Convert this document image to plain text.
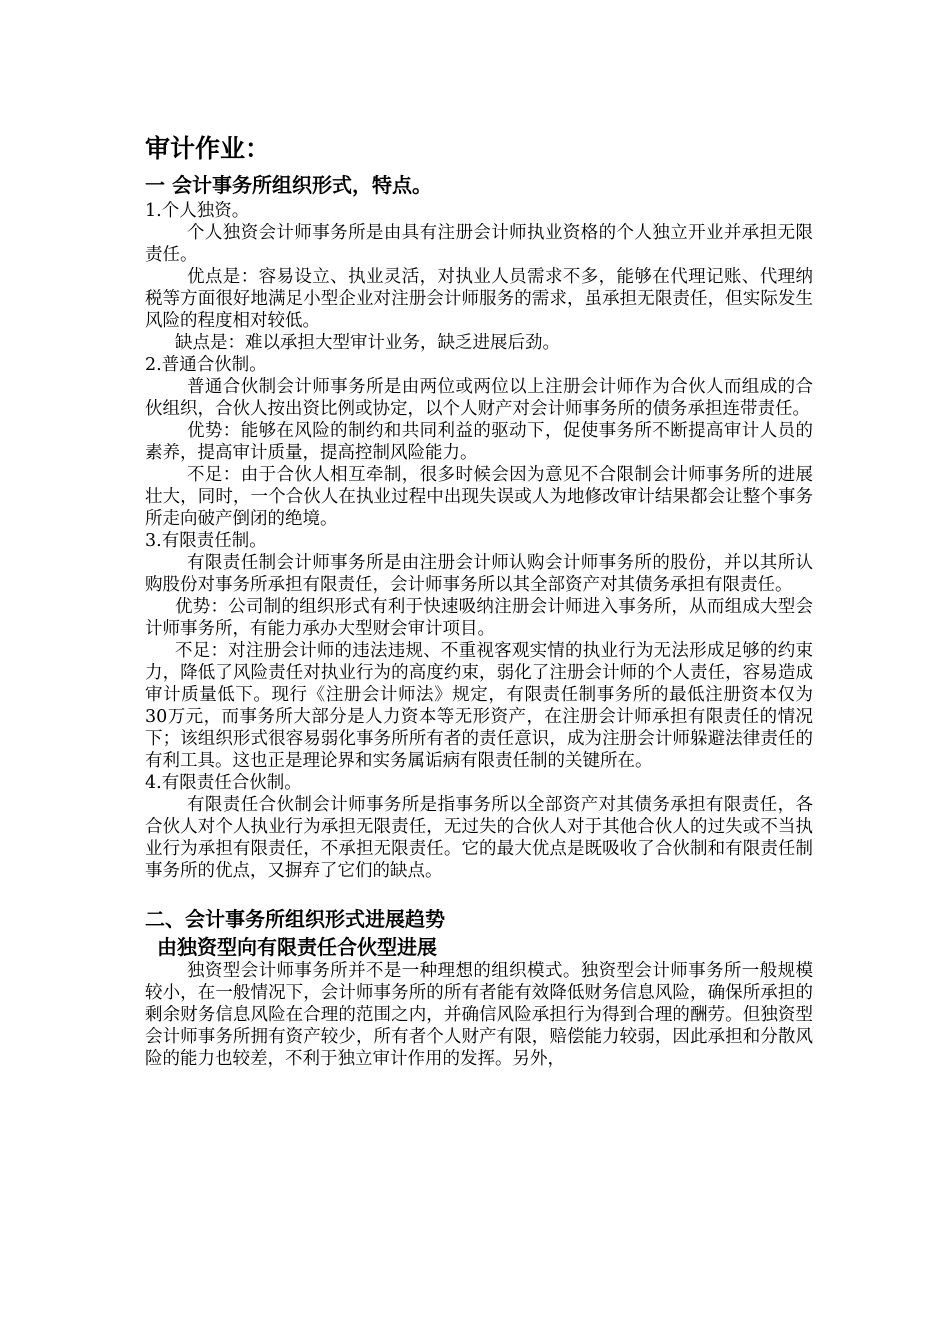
审计作业：
一 会计事务所组织形式，特点。

1.个人独资。

个人独资会计师事务所是由具有注册会计师执业资格的个人独立开业并承担无限责任。

优点是：容易设立、执业灵活，对执业人员需求不多，能够在代理记账、代理纳税等方面很好地满足小型企业对注册会计师服务的需求，虽承担无限责任，但实际发生风险的程度相对较低。

缺点是：难以承担大型审计业务，缺乏进展后劲。

2.普通合伙制。

普通合伙制会计师事务所是由两位或两位以上注册会计师作为合伙人而组成的合伙组织，合伙人按出资比例或协定，以个人财产对会计师事务所的债务承担连带责任。

优势：能够在风险的制约和共同利益的驱动下，促使事务所不断提高审计人员的素养，提高审计质量，提高控制风险能力。

不足：由于合伙人相互牵制，很多时候会因为意见不合限制会计师事务所的进展壮大，同时，一个合伙人在执业过程中出现失误或人为地修改审计结果都会让整个事务所走向破产倒闭的绝境。

3.有限责任制。

有限责任制会计师事务所是由注册会计师认购会计师事务所的股份，并以其所认购股份对事务所承担有限责任，会计师事务所以其全部资产对其债务承担有限责任。

优势：公司制的组织形式有利于快速吸纳注册会计师进入事务所，从而组成大型会计师事务所，有能力承办大型财会审计项目。

不足：对注册会计师的违法违规、不重视客观实情的执业行为无法形成足够的约束力，降低了风险责任对执业行为的高度约束，弱化了注册会计师的个人责任，容易造成审计质量低下。现行《注册会计师法》规定，有限责任制事务所的最低注册资本仅为30万元，而事务所大部分是人力资本等无形资产，在注册会计师承担有限责任的情况下；该组织形式很容易弱化事务所所有者的责任意识，成为注册会计师躲避法律责任的有利工具。这也正是理论界和实务属诟病有限责任制的关键所在。

4.有限责任合伙制。

有限责任合伙制会计师事务所是指事务所以全部资产对其债务承担有限责任，各合伙人对个人执业行为承担无限责任，无过失的合伙人对于其他合伙人的过失或不当执业行为承担有限责任，不承担无限责任。它的最大优点是既吸收了合伙制和有限责任制事务所的优点，又摒弃了它们的缺点。

二、会计事务所组织形式进展趋势
由独资型向有限责任合伙型进展

独资型会计师事务所并不是一种理想的组织模式。独资型会计师事务所一般规模较小，在一般情况下，会计师事务所的所有者能有效降低财务信息风险，确保所承担的剩余财务信息风险在合理的范围之内，并确信风险承担行为得到合理的酬劳。但独资型会计师事务所拥有资产较少，所有者个人财产有限，赔偿能力较弱，因此承担和分散风险的能力也较差，不利于独立审计作用的发挥。另外，
